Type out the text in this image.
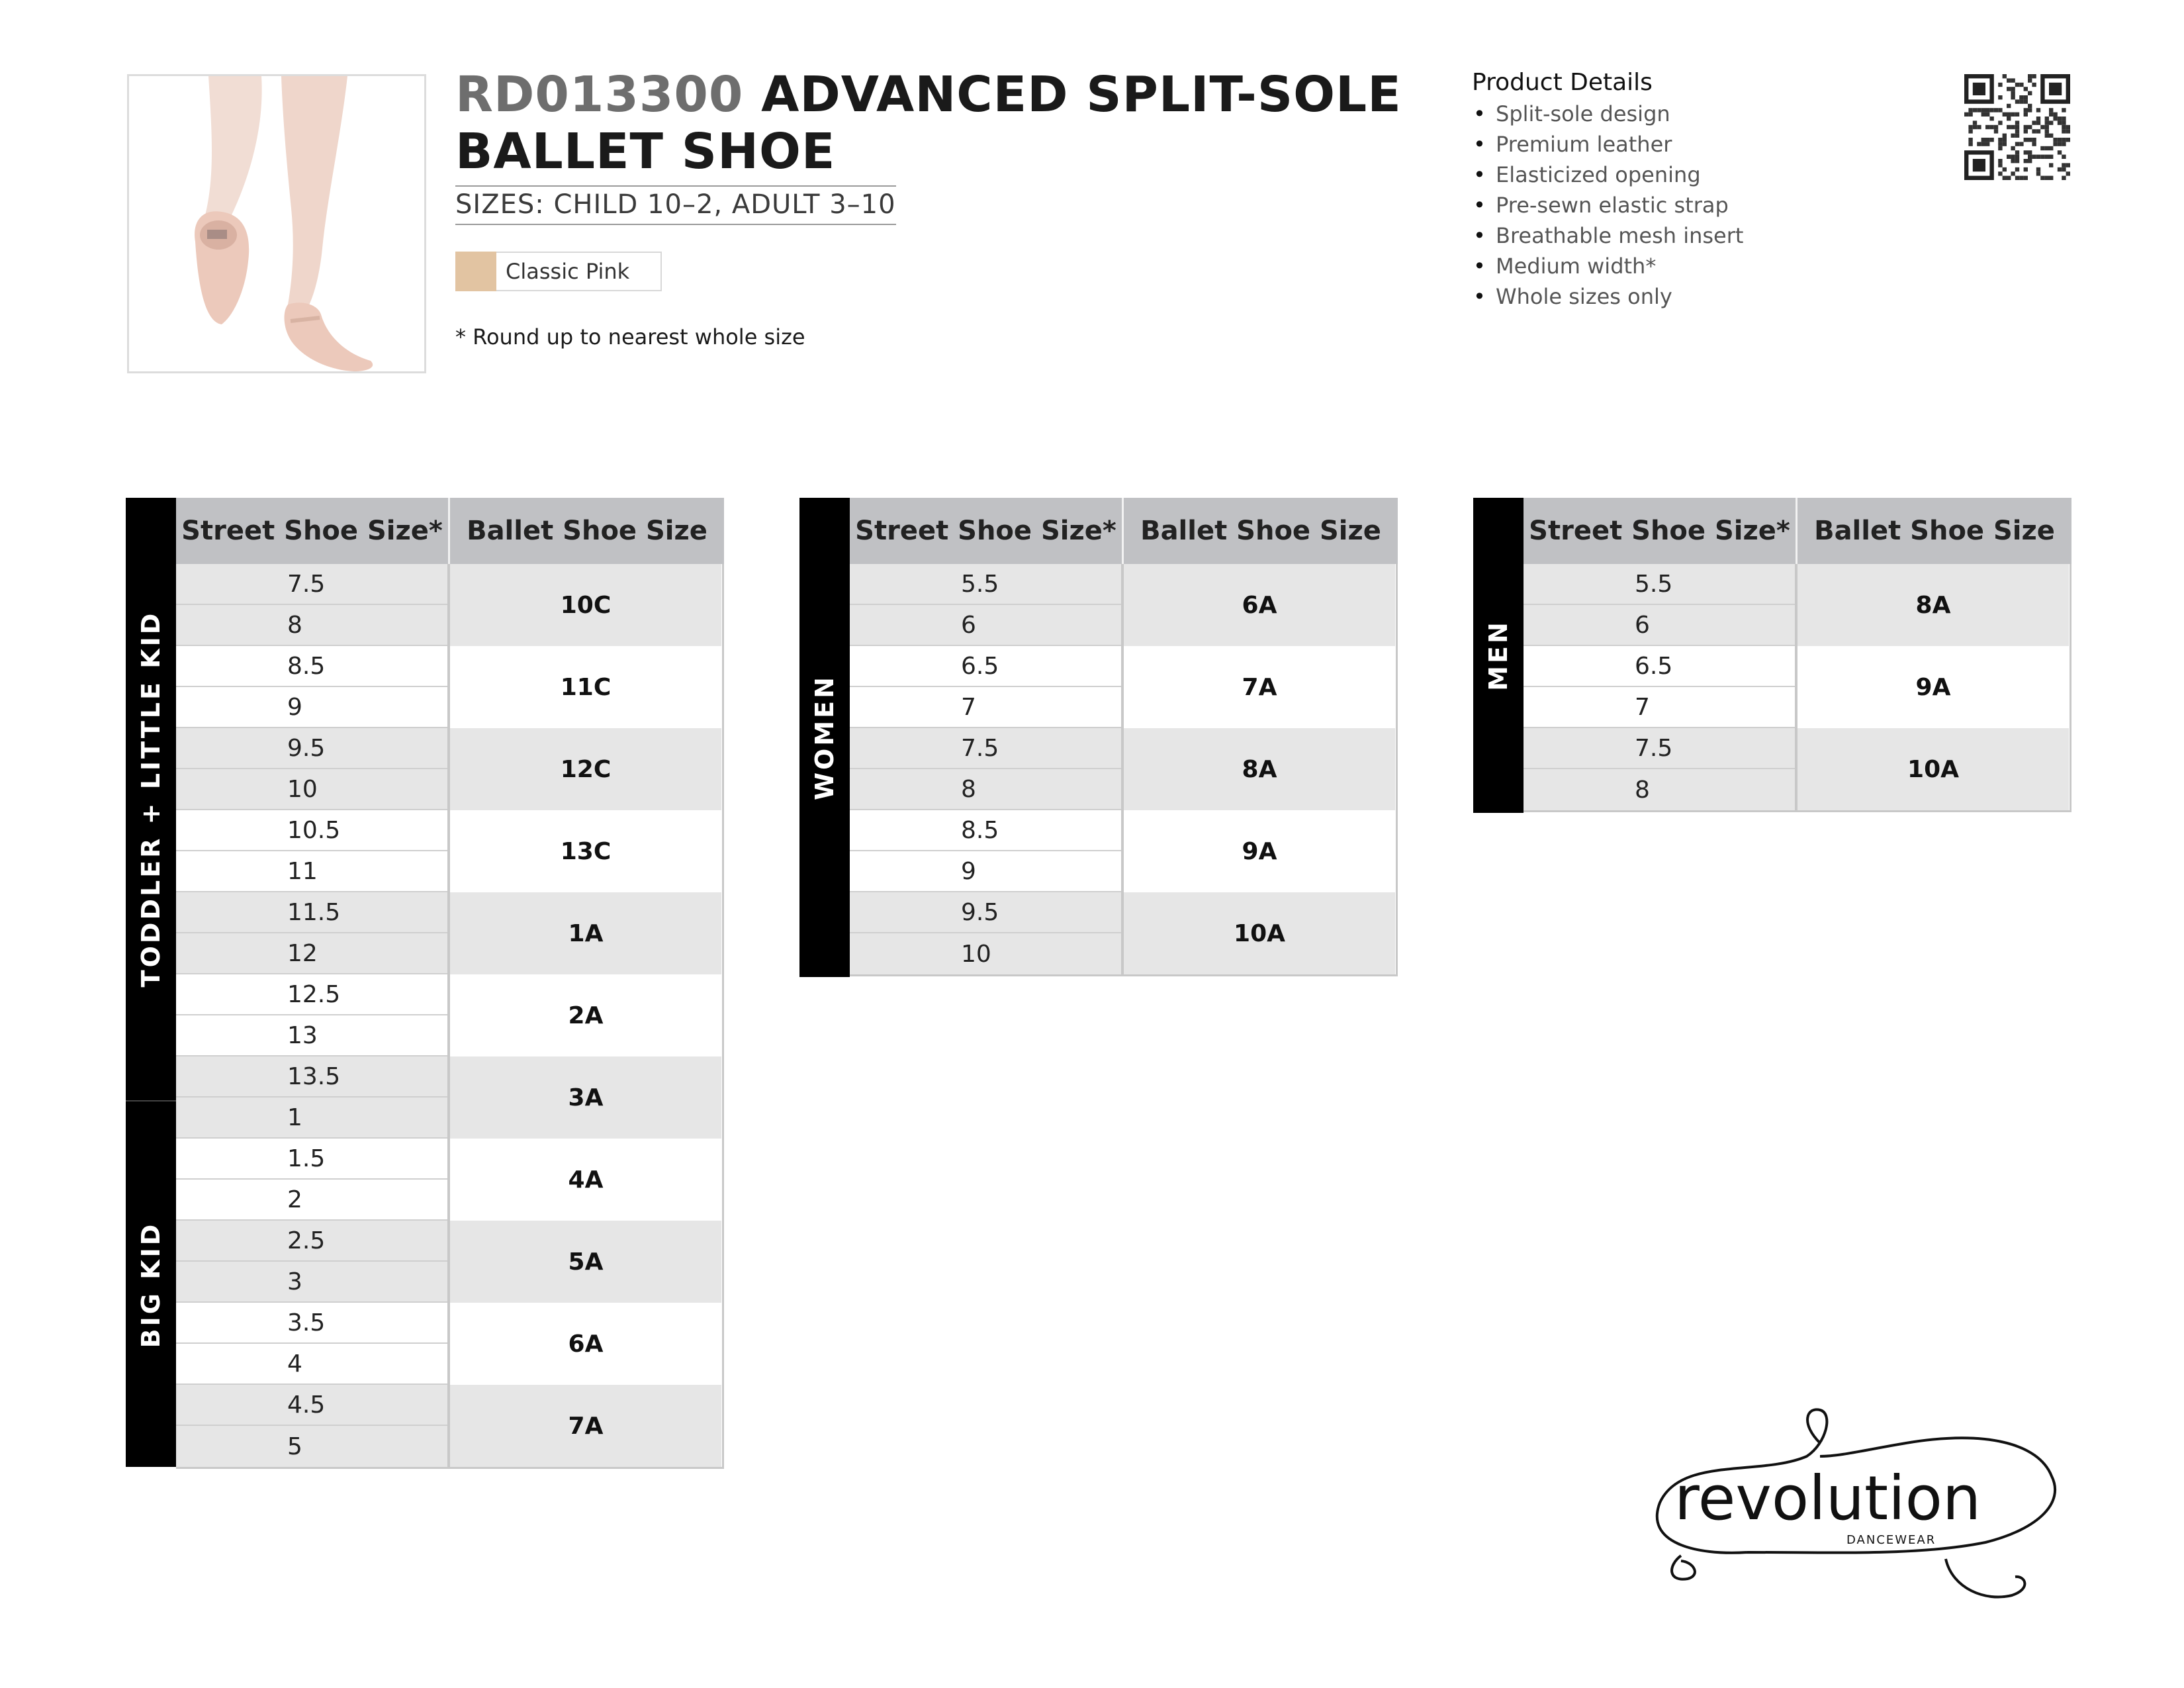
RD013300 ADVANCED SPLIT-SOLE
BALLET SHOE
SIZES: CHILD 10–2, ADULT 3–10
Classic Pink
* Round up to nearest whole size
Product Details
• Split-sole design
• Premium leather
• Elasticized opening
• Pre-sewn elastic strap
• Breathable mesh insert
• Medium width*
• Whole sizes only
TODDLER + LITTLE KID
BIG KID
Street Shoe Size* Ballet Shoe Size
7.5
8
8.5
9
9.5
10
10.5
11
11.5
12
12.5
13
13.5
1
1.5
2
2.5
3
3.5
4
4.5
5
10C
11C
12C
13C
1A
2A
3A
4A
5A
6A
7A
WOMEN
Street Shoe Size* Ballet Shoe Size
5.5
6
6.5
7
7.5
8
8.5
9
9.5
10
6A
7A
8A
9A
10A
MEN
Street Shoe Size* Ballet Shoe Size
5.5
6
6.5
7
7.5
8
8A
9A
10A
revolution
DANCEWEAR
